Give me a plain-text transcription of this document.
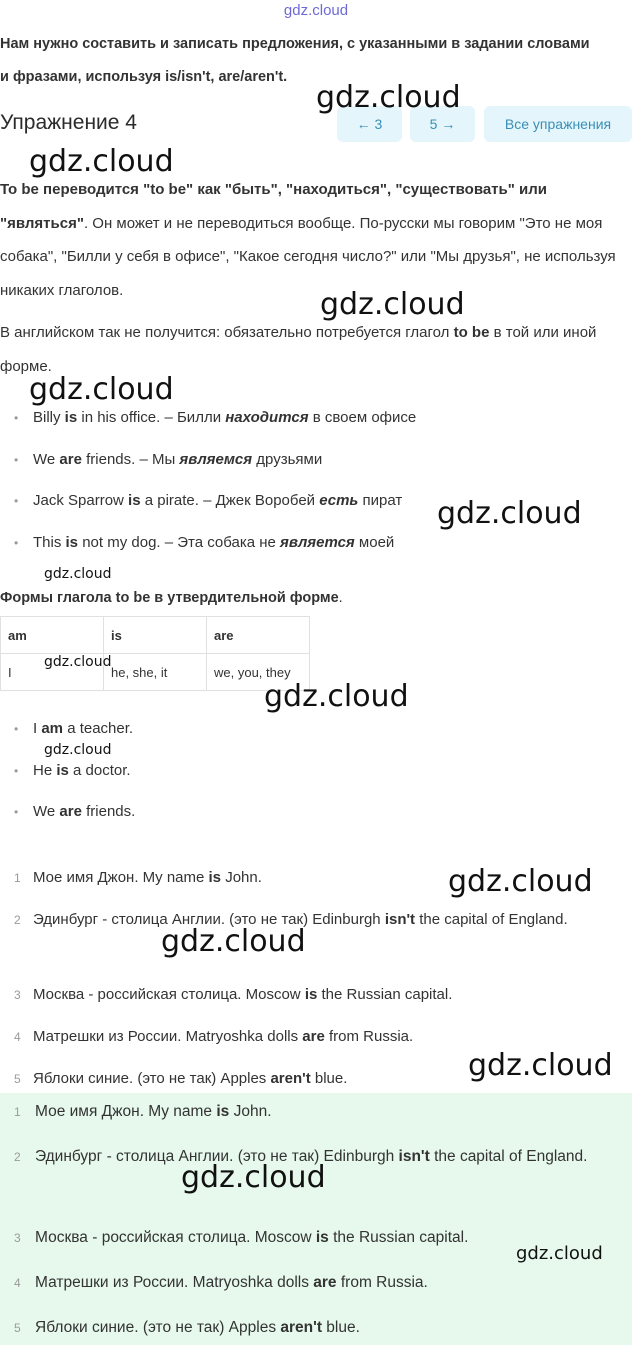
gdz.cloud
Нам нужно составить и записать предложения, с указанными в задании словами и фразами, используя is/isn't, are/aren't.
Упражнение 4	← 3	5 →	Все упражнения
To be переводится "to be" как "быть", "находиться", "существовать" или "являться". Он может и не переводиться вообще. По-русски мы говорим "Это не моя собака", "Билли у себя в офисе", "Какое сегодня число?" или "Мы друзья", не используя никаких глаголов.
В английском так не получится: обязательно потребуется глагол to be в той или иной форме.
• Billy is in his office. – Билли находится в своем офисе
• We are friends. – Мы являемся друзьями
• Jack Sparrow is a pirate. – Джек Воробей есть пират
• This is not my dog. – Эта собака не является моей
Формы глагола to be в утвердительной форме.
am	is	are
I	he, she, it	we, you, they
• I am a teacher.
• He is a doctor.
• We are friends.
1 Мое имя Джон. My name is John.
2 Эдинбург - столица Англии. (это не так) Edinburgh isn't the capital of England.
3 Москва - российская столица. Moscow is the Russian capital.
4 Матрешки из России. Matryoshka dolls are from Russia.
5 Яблоки синие. (это не так) Apples aren't blue.
1 Мое имя Джон. My name is John.
2 Эдинбург - столица Англии. (это не так) Edinburgh isn't the capital of England.
3 Москва - российская столица. Moscow is the Russian capital.
4 Матрешки из России. Matryoshka dolls are from Russia.
5 Яблоки синие. (это не так) Apples aren't blue.
gdz.cloud
gdz.cloud
gdz.cloud
gdz.cloud
gdz.cloud
gdz.cloud
gdz.cloud
gdz.cloud
gdz.cloud
gdz.cloud
gdz.cloud
gdz.cloud
gdz.cloud
gdz.cloud
